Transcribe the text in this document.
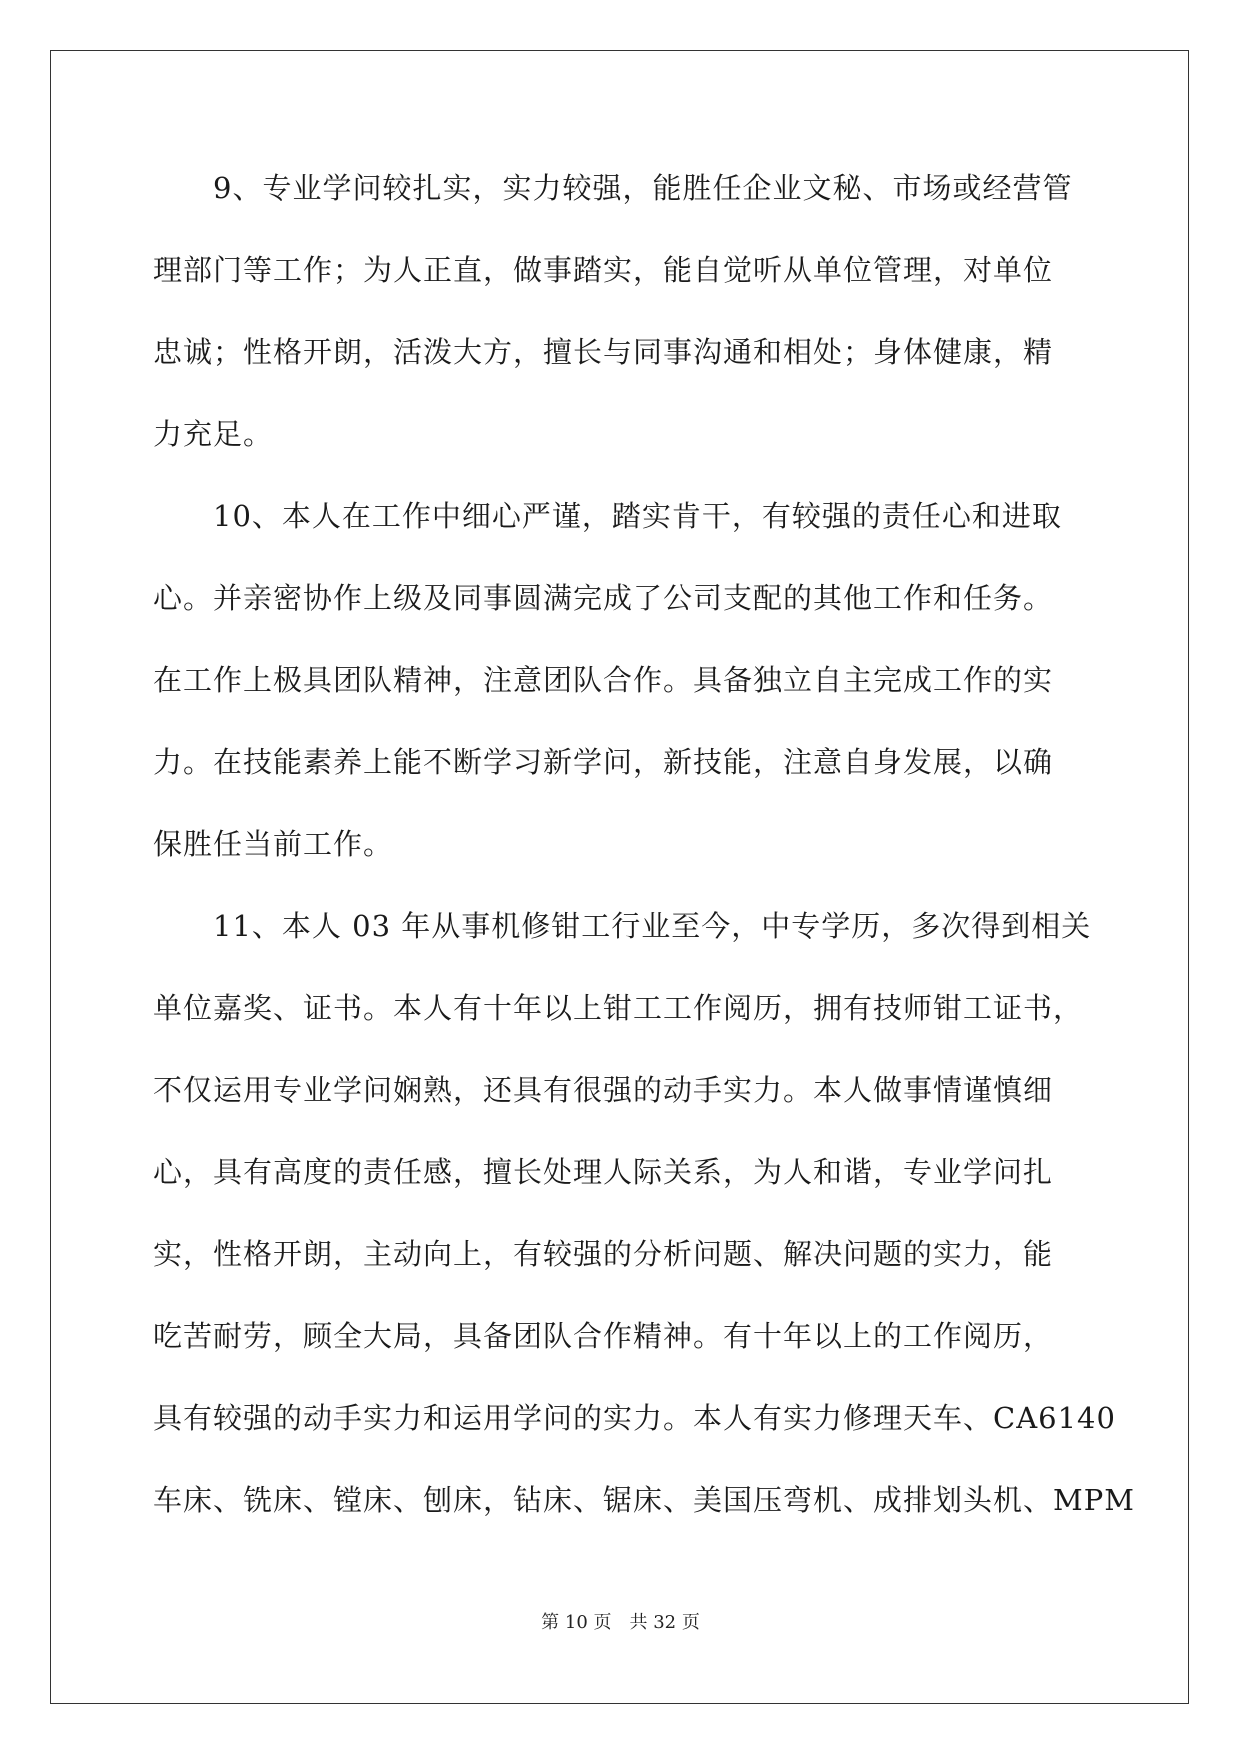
9、专业学问较扎实，实力较强，能胜任企业文秘、市场或经营管
理部门等工作；为人正直，做事踏实，能自觉听从单位管理，对单位
忠诚；性格开朗，活泼大方，擅长与同事沟通和相处；身体健康，精
力充足。
10、本人在工作中细心严谨，踏实肯干，有较强的责任心和进取
心。并亲密协作上级及同事圆满完成了公司支配的其他工作和任务。
在工作上极具团队精神，注意团队合作。具备独立自主完成工作的实
力。在技能素养上能不断学习新学问，新技能，注意自身发展，以确
保胜任当前工作。
11、本人 03 年从事机修钳工行业至今，中专学历，多次得到相关
单位嘉奖、证书。本人有十年以上钳工工作阅历，拥有技师钳工证书，
不仅运用专业学问娴熟，还具有很强的动手实力。本人做事情谨慎细
心，具有高度的责任感，擅长处理人际关系，为人和谐，专业学问扎
实，性格开朗，主动向上，有较强的分析问题、解决问题的实力，能
吃苦耐劳，顾全大局，具备团队合作精神。有十年以上的工作阅历，
具有较强的动手实力和运用学问的实力。本人有实力修理天车、CA6140
车床、铣床、镗床、刨床，钻床、锯床、美国压弯机、成排划头机、MPM
第 10 页　共 32 页
